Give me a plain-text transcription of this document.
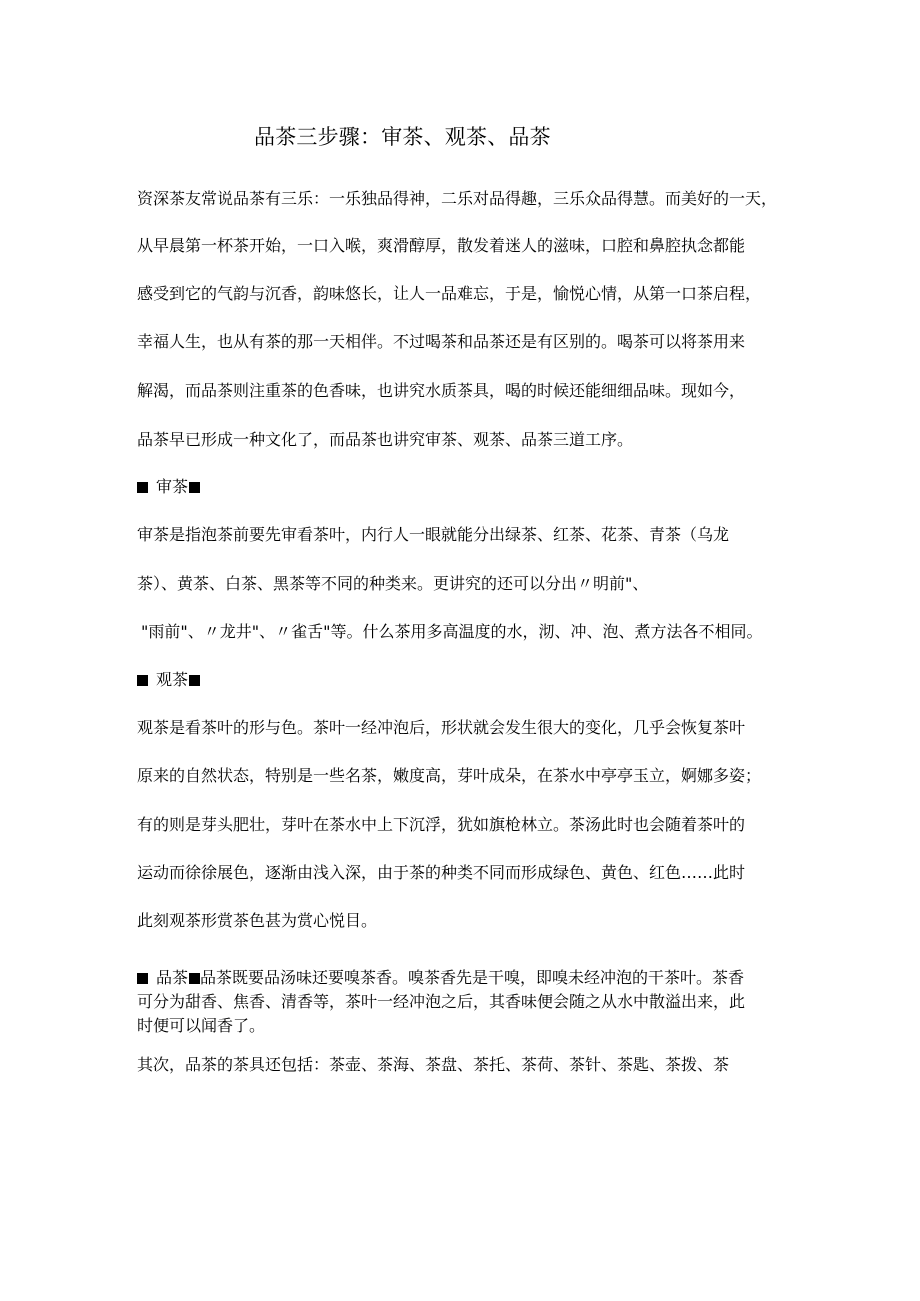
品茶三步骤：审茶、观茶、品茶
资深茶友常说品茶有三乐：一乐独品得神，二乐对品得趣，三乐众品得慧。而美好的一天，
从早晨第一杯茶开始，一口入喉，爽滑醇厚，散发着迷人的滋味，口腔和鼻腔执念都能
感受到它的气韵与沉香，韵味悠长，让人一品难忘，于是，愉悦心情，从第一口茶启程，
幸福人生，也从有茶的那一天相伴。不过喝茶和品茶还是有区别的。喝茶可以将茶用来
解渴，而品茶则注重茶的色香味，也讲究水质茶具，喝的时候还能细细品味。现如今，
品茶早已形成一种文化了，而品茶也讲究审茶、观茶、品茶三道工序。
审茶
审茶是指泡茶前要先审看茶叶，内行人一眼就能分出绿茶、红茶、花茶、青茶（乌龙
茶）、黄茶、白茶、黑茶等不同的种类来。更讲究的还可以分出〃明前"、
"雨前"、〃龙井"、〃雀舌"等。什么茶用多高温度的水，沏、冲、泡、煮方法各不相同。
观茶
观茶是看茶叶的形与色。茶叶一经冲泡后，形状就会发生很大的变化，几乎会恢复茶叶
原来的自然状态，特别是一些名茶，嫩度高，芽叶成朵，在茶水中亭亭玉立，婀娜多姿；
有的则是芽头肥壮，芽叶在茶水中上下沉浮，犹如旗枪林立。茶汤此时也会随着茶叶的
运动而徐徐展色，逐渐由浅入深，由于茶的种类不同而形成绿色、黄色、红色……此时
此刻观茶形赏茶色甚为赏心悦目。
品茶 品茶既要品汤味还要嗅茶香。嗅茶香先是干嗅，即嗅未经冲泡的干茶叶。茶香
可分为甜香、焦香、清香等，茶叶一经冲泡之后，其香味便会随之从水中散溢出来，此
时便可以闻香了。
其次，品茶的茶具还包括：茶壶、茶海、茶盘、茶托、茶荷、茶针、茶匙、茶拨、茶
